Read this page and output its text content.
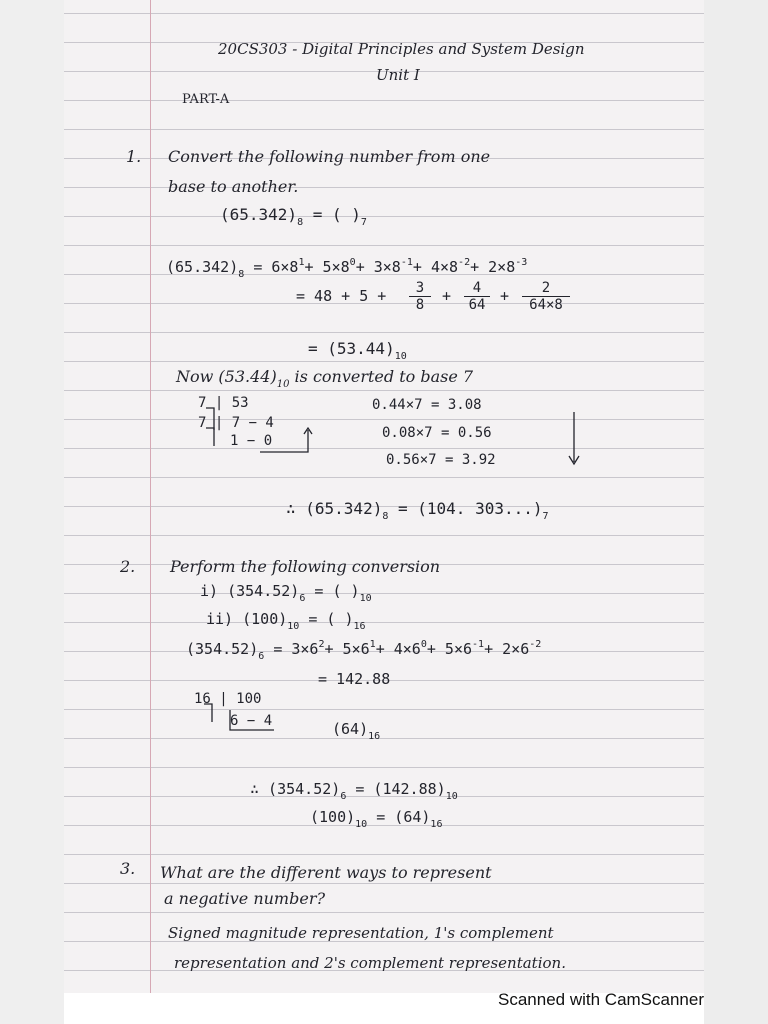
20CS303 - Digital Principles and System Design
Unit I
PART-A
1. Convert the following number from one
base to another.
$(65.342)_8$ = ( )$_7$
$(65.342)_8 = 6\times 8^1+ 5\times 8^0+ 3\times 8^{-1}+ 4\times 8^{-2}+ 2\times 8^{-3}$
= $48 + 5 + \frac{3}{8} + \frac{4}{64} + \frac{2}{64\times 8}$
= $(53.44)_{10}$
Now $(53.44)_{10}$ is converted to base 7
7 | 53
7 | 7 − 4
1 − 0
0.44×7 = 3.08
0.08×7 = 0.56
0.56×7 = 3.92
∴ $(65.342)_8 = (104$. $303...)_7$
2. Perform the following conversion
i) $(354.52)_6$ = ( )$_{10}$
ii) $(100)_{10}$ = ( )$_{16}$
$(354.52)_6 = 3\times 6^2+ 5\times 6^1+ 4\times 6^0+ 5\times 6^{-1}+ 2\times 6^{-2}$
= 142.88
16 | 100
6 − 4	$(64)_{16}$
∴ $(354.52)_6 = (142.88)_{10}$
$(100)_{10} = (64)_{16}$
3. What are the different ways to represent
a negative number?
Signed magnitude representation, 1's complement
representation and 2's complement representation.
Scanned with CamScanner
